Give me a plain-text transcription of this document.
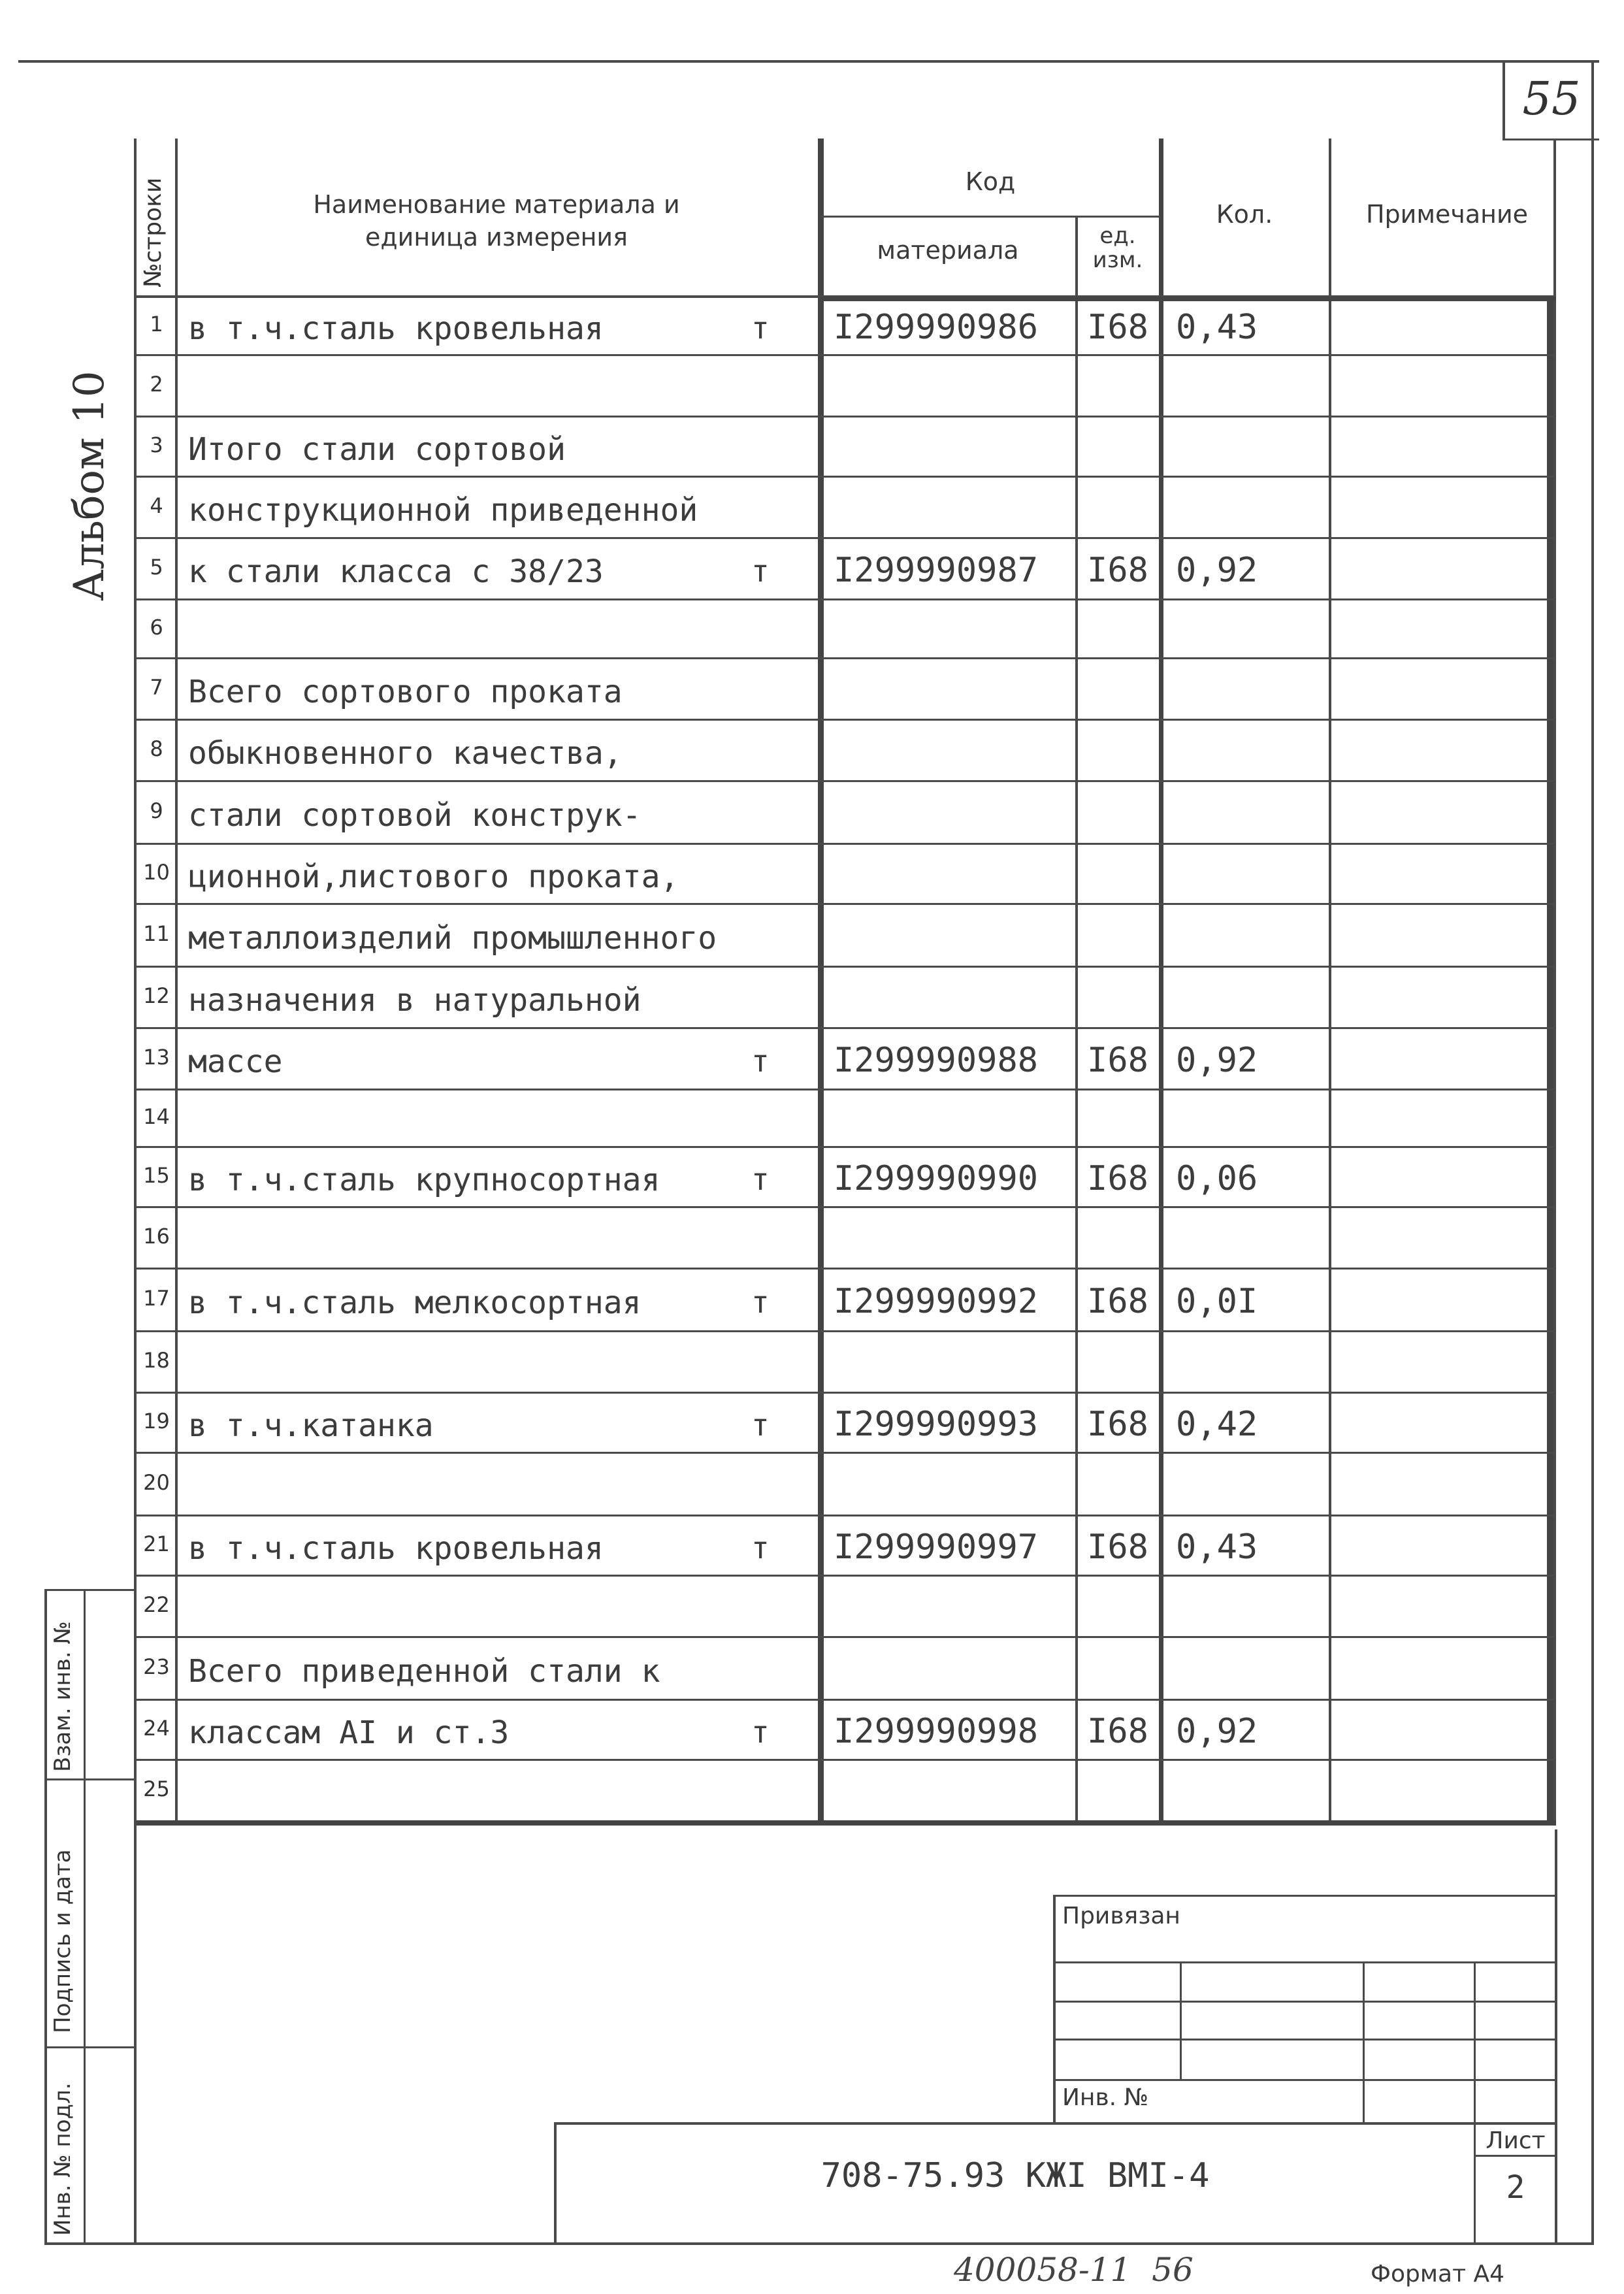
55
Альбом 10
1 в т.ч.сталь кровельная	т I299990986 I68 0,43
2
3 Итого стали сортовой
4 конструкционной приведенной
5 к стали класса с 38/23	т I299990987 I68 0,92
6
7 Всего сортового проката
8 обыкновенного качества,
9 стали сортовой конструк-
10 ционной,листового проката,
11 металлоизделий промышленного
12 назначения в натуральной
13 массе	т I299990988 I68 0,92
14
15 в т.ч.сталь крупносортная	т I299990990 I68 0,06
16
17 в т.ч.сталь мелкосортная	т I299990992 I68 0,0I
18
19 в т.ч.катанка	т I299990993 I68 0,42
20
21 в т.ч.сталь кровельная	т I299990997 I68 0,43
22
23 Всего приведенной стали к
24 классам АI и ст.3	т I299990998 I68 0,92
25
№строки	Наименование материала и
единица измерения
Код
материала	ед.
изм.
Кол.	Примечание
Взам. инв. №
Подпись и дата
Инв. № подл.
Привязан
Инв. №
708-75.93 КЖI ВМI-4
Лист
2
400058-11  56	Формат А4
